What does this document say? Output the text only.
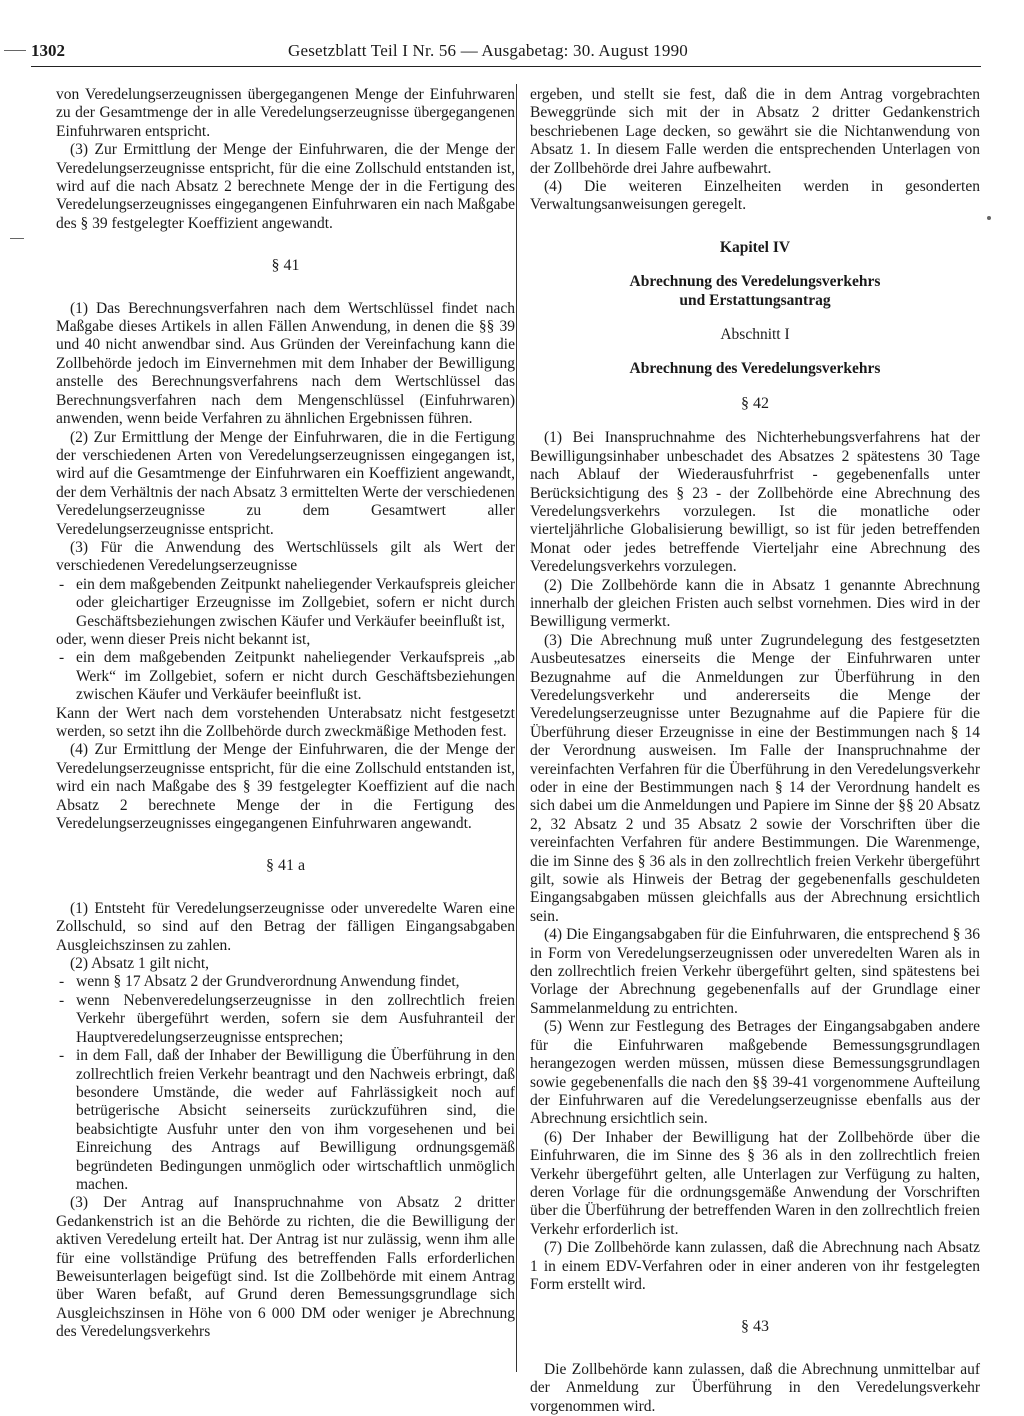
1302	Gesetzblatt Teil I Nr. 56 — Ausgabetag: 30. August 1990

von Veredelungserzeugnissen übergegangenen Menge der Einfuhrwaren zu der Gesamtmenge der in alle Veredelungserzeugnisse übergegangenen Einfuhrwaren entspricht.

(3) Zur Ermittlung der Menge der Einfuhrwaren, die der Menge der Veredelungserzeugnisse entspricht, für die eine Zollschuld entstanden ist, wird auf die nach Absatz 2 berechnete Menge der in die Fertigung des Veredelungserzeugnisses eingegangenen Einfuhrwaren ein nach Maßgabe des § 39 festgelegter Koeffizient angewandt.

§ 41

(1) Das Berechnungsverfahren nach dem Wertschlüssel findet nach Maßgabe dieses Artikels in allen Fällen Anwendung, in denen die §§ 39 und 40 nicht anwendbar sind. Aus Gründen der Vereinfachung kann die Zollbehörde jedoch im Einvernehmen mit dem Inhaber der Bewilligung anstelle des Berechnungsverfahrens nach dem Wertschlüssel das Berechnungsverfahren nach dem Mengenschlüssel (Einfuhrwaren) anwenden, wenn beide Verfahren zu ähnlichen Ergebnissen führen.

(2) Zur Ermittlung der Menge der Einfuhrwaren, die in die Fertigung der verschiedenen Arten von Veredelungserzeugnissen eingegangen ist, wird auf die Gesamtmenge der Einfuhrwaren ein Koeffizient angewandt, der dem Verhältnis der nach Absatz 3 ermittelten Werte der verschiedenen Veredelungserzeugnisse zu dem Gesamtwert aller Veredelungserzeugnisse entspricht.

(3) Für die Anwendung des Wertschlüssels gilt als Wert der verschiedenen Veredelungserzeugnisse

- ein dem maßgebenden Zeitpunkt naheliegender Verkaufspreis gleicher oder gleichartiger Erzeugnisse im Zollgebiet, sofern er nicht durch Geschäftsbeziehungen zwischen Käufer und Verkäufer beeinflußt ist,

oder, wenn dieser Preis nicht bekannt ist,

- ein dem maßgebenden Zeitpunkt naheliegender Verkaufspreis „ab Werk“ im Zollgebiet, sofern er nicht durch Geschäftsbeziehungen zwischen Käufer und Verkäufer beeinflußt ist.

Kann der Wert nach dem vorstehenden Unterabsatz nicht festgesetzt werden, so setzt ihn die Zollbehörde durch zweckmäßige Methoden fest.

(4) Zur Ermittlung der Menge der Einfuhrwaren, die der Menge der Veredelungserzeugnisse entspricht, für die eine Zollschuld entstanden ist, wird ein nach Maßgabe des § 39 festgelegter Koeffizient auf die nach Absatz 2 berechnete Menge der in die Fertigung des Veredelungserzeugnisses eingegangenen Einfuhrwaren angewandt.

§ 41 a

(1) Entsteht für Veredelungserzeugnisse oder unveredelte Waren eine Zollschuld, so sind auf den Betrag der fälligen Eingangsabgaben Ausgleichszinsen zu zahlen.

(2) Absatz 1 gilt nicht,

- wenn § 17 Absatz 2 der Grundverordnung Anwendung findet,
- wenn Nebenveredelungserzeugnisse in den zollrechtlich freien Verkehr übergeführt werden, sofern sie dem Ausfuhranteil der Hauptveredelungserzeugnisse entsprechen;
- in dem Fall, daß der Inhaber der Bewilligung die Überführung in den zollrechtlich freien Verkehr beantragt und den Nachweis erbringt, daß besondere Umstände, die weder auf Fahrlässigkeit noch auf betrügerische Absicht seinerseits zurückzuführen sind, die beabsichtigte Ausfuhr unter den von ihm vorgesehenen und bei Einreichung des Antrags auf Bewilligung ordnungsgemäß begründeten Bedingungen unmöglich oder wirtschaftlich unmöglich machen.

(3) Der Antrag auf Inanspruchnahme von Absatz 2 dritter Gedankenstrich ist an die Behörde zu richten, die die Bewilligung der aktiven Veredelung erteilt hat. Der Antrag ist nur zulässig, wenn ihm alle für eine vollständige Prüfung des betreffenden Falls erforderlichen Beweisunterlagen beigefügt sind. Ist die Zollbehörde mit einem Antrag über Waren befaßt, auf Grund deren Bemessungsgrundlage sich Ausgleichszinsen in Höhe von 6 000 DM oder weniger je Abrechnung des Veredelungsverkehrs

ergeben, und stellt sie fest, daß die in dem Antrag vorgebrachten Beweggründe sich mit der in Absatz 2 dritter Gedankenstrich beschriebenen Lage decken, so gewährt sie die Nichtanwendung von Absatz 1. In diesem Falle werden die entsprechenden Unterlagen von der Zollbehörde drei Jahre aufbewahrt.

(4) Die weiteren Einzelheiten werden in gesonderten Verwaltungsanweisungen geregelt.

Kapitel IV

Abrechnung des Veredelungsverkehrs

und Erstattungsantrag

Abschnitt I

Abrechnung des Veredelungsverkehrs

§ 42

(1) Bei Inanspruchnahme des Nichterhebungsverfahrens hat der Bewilligungsinhaber unbeschadet des Absatzes 2 spätestens 30 Tage nach Ablauf der Wiederausfuhrfrist - gegebenenfalls unter Berücksichtigung des § 23 - der Zollbehörde eine Abrechnung des Veredelungsverkehrs vorzulegen. Ist die monatliche oder vierteljährliche Globalisierung bewilligt, so ist für jeden betreffenden Monat oder jedes betreffende Vierteljahr eine Abrechnung des Veredelungsverkehrs vorzulegen.

(2) Die Zollbehörde kann die in Absatz 1 genannte Abrechnung innerhalb der gleichen Fristen auch selbst vornehmen. Dies wird in der Bewilligung vermerkt.

(3) Die Abrechnung muß unter Zugrundelegung des festgesetzten Ausbeutesatzes einerseits die Menge der Einfuhrwaren unter Bezugnahme auf die Anmeldungen zur Überführung in den Veredelungsverkehr und andererseits die Menge der Veredelungserzeugnisse unter Bezugnahme auf die Papiere für die Überführung dieser Erzeugnisse in eine der Bestimmungen nach § 14 der Verordnung ausweisen. Im Falle der Inanspruchnahme der vereinfachten Verfahren für die Überführung in den Veredelungsverkehr oder in eine der Bestimmungen nach § 14 der Verordnung handelt es sich dabei um die Anmeldungen und Papiere im Sinne der §§ 20 Absatz 2, 32 Absatz 2 und 35 Absatz 2 sowie der Vorschriften über die vereinfachten Verfahren für andere Bestimmungen. Die Warenmenge, die im Sinne des § 36 als in den zollrechtlich freien Verkehr übergeführt gilt, sowie als Hinweis der Betrag der gegebenenfalls geschuldeten Eingangsabgaben müssen gleichfalls aus der Abrechnung ersichtlich sein.

(4) Die Eingangsabgaben für die Einfuhrwaren, die entsprechend § 36 in Form von Veredelungserzeugnissen oder unveredelten Waren als in den zollrechtlich freien Verkehr übergeführt gelten, sind spätestens bei Vorlage der Abrechnung gegebenenfalls auf der Grundlage einer Sammelanmeldung zu entrichten.

(5) Wenn zur Festlegung des Betrages der Eingangsabgaben andere für die Einfuhrwaren maßgebende Bemessungsgrundlagen herangezogen werden müssen, müssen diese Bemessungsgrundlagen sowie gegebenenfalls die nach den §§ 39-41 vorgenommene Aufteilung der Einfuhrwaren auf die Veredelungserzeugnisse ebenfalls aus der Abrechnung ersichtlich sein.

(6) Der Inhaber der Bewilligung hat der Zollbehörde über die Einfuhrwaren, die im Sinne des § 36 als in den zollrechtlich freien Verkehr übergeführt gelten, alle Unterlagen zur Verfügung zu halten, deren Vorlage für die ordnungsgemäße Anwendung der Vorschriften über die Überführung der betreffenden Waren in den zollrechtlich freien Verkehr erforderlich ist.

(7) Die Zollbehörde kann zulassen, daß die Abrechnung nach Absatz 1 in einem EDV-Verfahren oder in einer anderen von ihr festgelegten Form erstellt wird.

§ 43

Die Zollbehörde kann zulassen, daß die Abrechnung unmittelbar auf der Anmeldung zur Überführung in den Veredelungsverkehr vorgenommen wird.
